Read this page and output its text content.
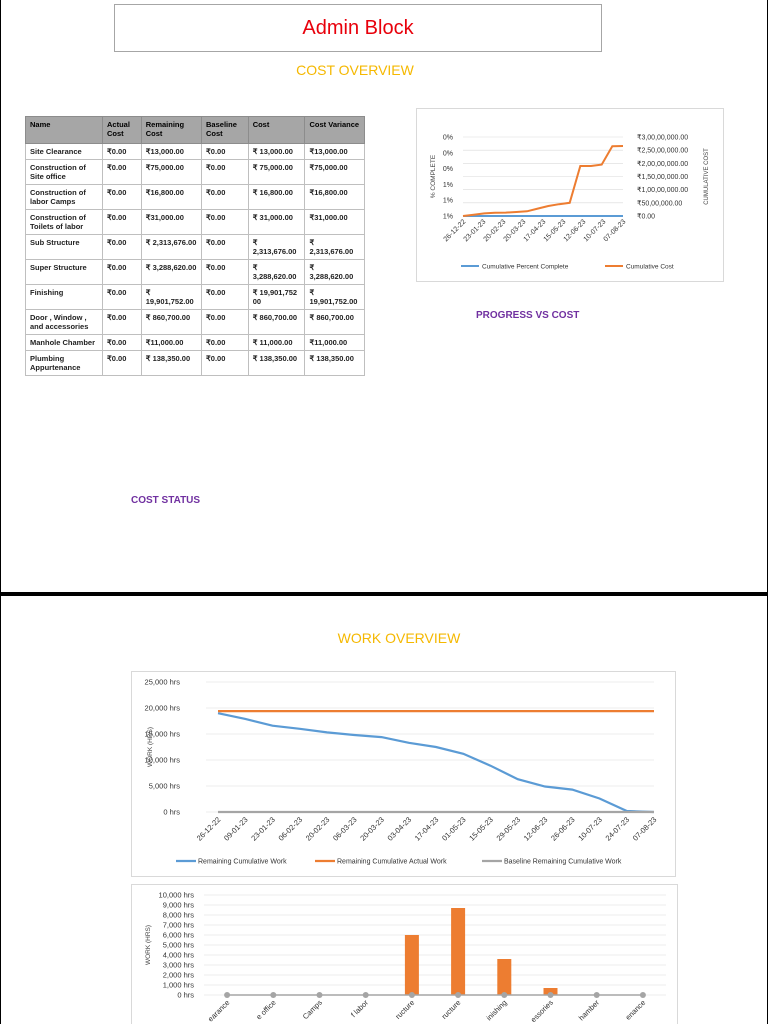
Admin Block
COST OVERVIEW
Name	Actual Cost	Remaining Cost	Baseline Cost	Cost	Cost Variance
Site Clearance	₹0.00	₹13,000.00	₹0.00	₹ 13,000.00	₹13,000.00
Construction of Site office	₹0.00	₹75,000.00	₹0.00	₹ 75,000.00	₹75,000.00
Construction of labor Camps	₹0.00	₹16,800.00	₹0.00	₹ 16,800.00	₹16,800.00
Construction of Toilets of labor	₹0.00	₹31,000.00	₹0.00	₹ 31,000.00	₹31,000.00
Sub Structure	₹0.00	₹ 2,313,676.00	₹0.00	₹ 2,313,676.00	₹ 2,313,676.00
Super Structure	₹0.00	₹ 3,288,620.00	₹0.00	₹ 3,288,620.00	₹ 3,288,620.00
Finishing	₹0.00	₹ 19,901,752.00	₹0.00	₹ 19,901,752 00	₹ 19,901,752.00
Door , Window , and accessories	₹0.00	₹ 860,700.00	₹0.00	₹ 860,700.00	₹ 860,700.00
Manhole Chamber	₹0.00	₹11,000.00	₹0.00	₹ 11,000.00	₹11,000.00
Plumbing Appurtenance	₹0.00	₹ 138,350.00	₹0.00	₹ 138,350.00	₹ 138,350.00
COST STATUS
₹0.00
₹50,00,000.00
₹1,00,00,000.00
₹1,50,00,000.00
₹2,00,00,000.00
₹2,50,00,000.00
₹3,00,00,000.00
1%
1%
1%
0%
0%
0%
% COMPLETE	CUMULATIVE COST
26-12-22
23-01-23
20-02-23
20-03-23
17-04-23
15-05-23
12-06-23
10-07-23
07-08-23
Cumulative Percent Complete	Cumulative Cost
PROGRESS VS COST
WORK OVERVIEW
0 hrs
5,000 hrs
10,000 hrs
15,000 hrs
20,000 hrs
25,000 hrs
WORK (HRS)
26-12-22 09-01-23 23-01-23 06-02-23 20-02-23 06-03-23 20-03-23 03-04-23 17-04-23 01-05-23 15-05-23 29-05-23 12-06-23 26-06-23 10-07-23 24-07-23 07-08-23
Remaining Cumulative Work	Remaining Cumulative Actual Work	Baseline Remaining Cumulative Work
0 hrs
1,000 hrs
2,000 hrs
3,000 hrs
4,000 hrs
5,000 hrs
6,000 hrs
7,000 hrs
8,000 hrs
9,000 hrs
10,000 hrs
WORK (HRS)
earance	e office	Camps	f labor	ructure	ructure	inishing	essories	hamber	enance
